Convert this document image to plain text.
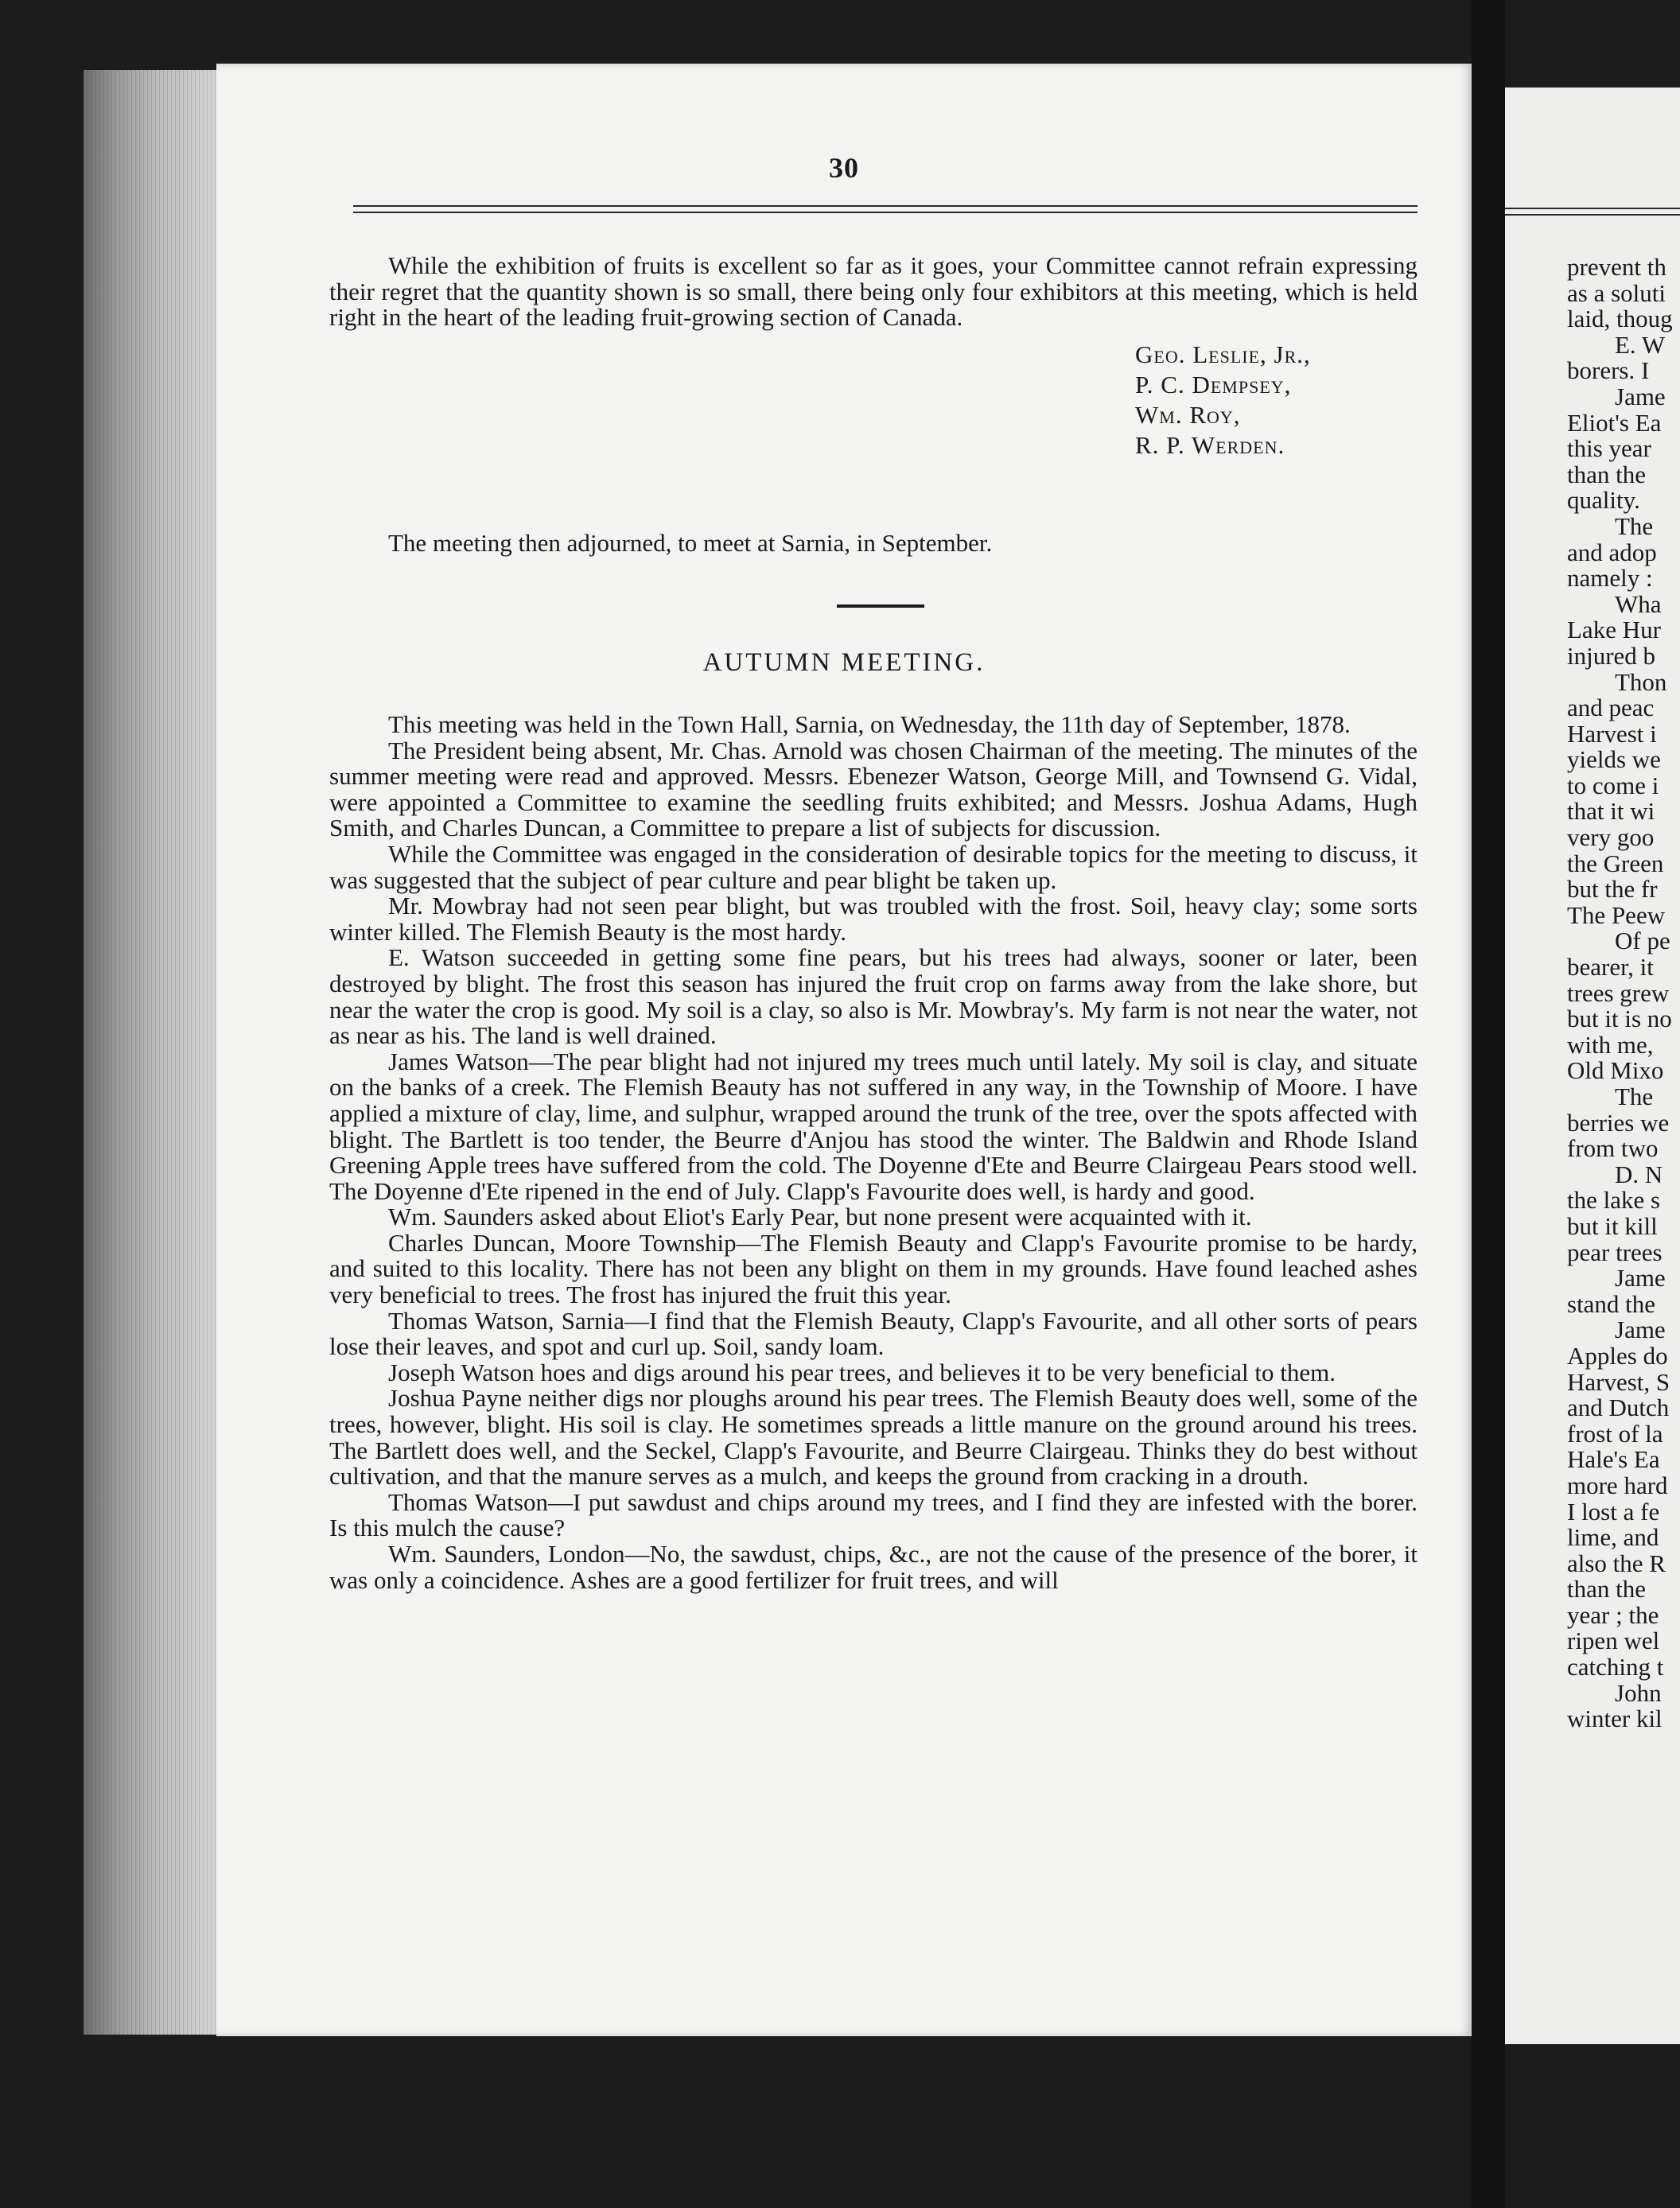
30

While the exhibition of fruits is excellent so far as it goes, your Committee cannot refrain expressing their regret that the quantity shown is so small, there being only four exhibitors at this meeting, which is held right in the heart of the leading fruit-growing section of Canada.

Geo. Leslie, Jr.,
P. C. Dempsey,
Wm. Roy,
R. P. Werden.
The meeting then adjourned, to meet at Sarnia, in September.
AUTUMN MEETING.

This meeting was held in the Town Hall, Sarnia, on Wednesday, the 11th day of September, 1878.

The President being absent, Mr. Chas. Arnold was chosen Chairman of the meeting. The minutes of the summer meeting were read and approved. Messrs. Ebenezer Watson, George Mill, and Townsend G. Vidal, were appointed a Committee to examine the seedling fruits exhibited; and Messrs. Joshua Adams, Hugh Smith, and Charles Duncan, a Committee to prepare a list of subjects for discussion.

While the Committee was engaged in the consideration of desirable topics for the meeting to discuss, it was suggested that the subject of pear culture and pear blight be taken up.

Mr. Mowbray had not seen pear blight, but was troubled with the frost. Soil, heavy clay; some sorts winter killed. The Flemish Beauty is the most hardy.

E. Watson succeeded in getting some fine pears, but his trees had always, sooner or later, been destroyed by blight. The frost this season has injured the fruit crop on farms away from the lake shore, but near the water the crop is good. My soil is a clay, so also is Mr. Mowbray's. My farm is not near the water, not as near as his. The land is well drained.

James Watson—The pear blight had not injured my trees much until lately. My soil is clay, and situate on the banks of a creek. The Flemish Beauty has not suffered in any way, in the Township of Moore. I have applied a mixture of clay, lime, and sulphur, wrapped around the trunk of the tree, over the spots affected with blight. The Bartlett is too tender, the Beurre d'Anjou has stood the winter. The Baldwin and Rhode Island Greening Apple trees have suffered from the cold. The Doyenne d'Ete and Beurre Clairgeau Pears stood well. The Doyenne d'Ete ripened in the end of July. Clapp's Favourite does well, is hardy and good.

Wm. Saunders asked about Eliot's Early Pear, but none present were acquainted with it.

Charles Duncan, Moore Township—The Flemish Beauty and Clapp's Favourite promise to be hardy, and suited to this locality. There has not been any blight on them in my grounds. Have found leached ashes very beneficial to trees. The frost has injured the fruit this year.

Thomas Watson, Sarnia—I find that the Flemish Beauty, Clapp's Favourite, and all other sorts of pears lose their leaves, and spot and curl up. Soil, sandy loam.

Joseph Watson hoes and digs around his pear trees, and believes it to be very beneficial to them.

Joshua Payne neither digs nor ploughs around his pear trees. The Flemish Beauty does well, some of the trees, however, blight. His soil is clay. He sometimes spreads a little manure on the ground around his trees. The Bartlett does well, and the Seckel, Clapp's Favourite, and Beurre Clairgeau. Thinks they do best without cultivation, and that the manure serves as a mulch, and keeps the ground from cracking in a drouth.

Thomas Watson—I put sawdust and chips around my trees, and I find they are infested with the borer. Is this mulch the cause?

Wm. Saunders, London—No, the sawdust, chips, &c., are not the cause of the presence of the borer, it was only a coincidence. Ashes are a good fertilizer for fruit trees, and will

prevent th
as a soluti
laid, thoug
E. W
borers. I
Jame
Eliot's Ea
this year
than the
quality.
The
and adop
namely :
Wha
Lake Hur
injured b
Thon
and peac
Harvest i
yields we
to come i
that it wi
very goo
the Green
but the fr
The Peew
Of pe
bearer, it
trees grew
but it is no
with me,
Old Mixo
The
berries we
from two
D. N
the lake s
but it kill
pear trees
Jame
stand the
Jame
Apples do
Harvest, S
and Dutch
frost of la
Hale's Ea
more hard
I lost a fe
lime, and
also the R
than the
year ; the
ripen wel
catching t
John
winter kil
